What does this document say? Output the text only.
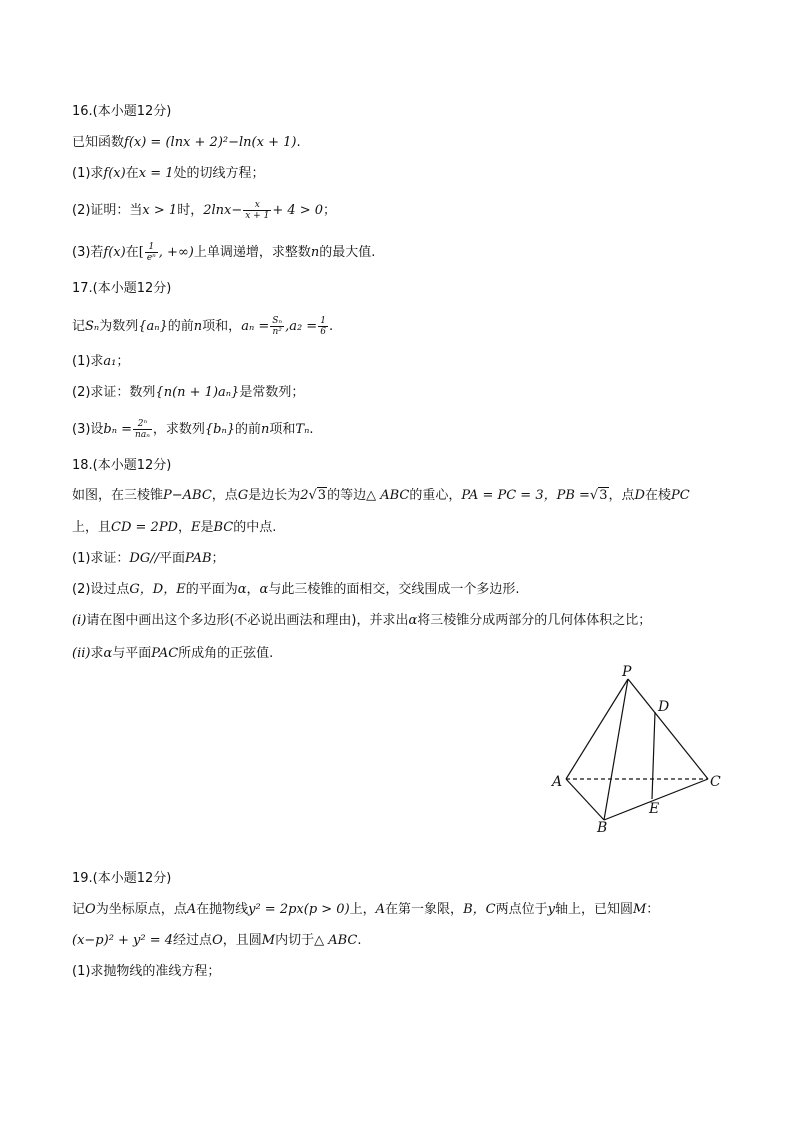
16.(本小题12分)
已知函数f(x) = (lnx + 2)²−ln(x + 1).
(1)求f(x)在x = 1处的切线方程；
(2)证明：当x > 1时，$2\ln x- \frac{x}{x + 1} + 4 > 0$；
(3)若f(x)在[ $\frac{1}{\text{eⁿ}}$ , +∞)上单调递增，求整数n的最大值.
17.(本小题12分)
记Sₙ为数列{aₙ}的前n项和，$a_n = \frac{\text{Sₙ}}{\text{n²}} ,a_2 = \frac{1}{6}$ .
(1)求a₁；
(2)求证：数列{n(n + 1)aₙ}是常数列；
(3)设$b_n = \frac{\text{2ⁿ}}{\text{naₙ}}$ ，求数列{bₙ}的前n项和Tₙ.
18.(本小题12分)
如图，在三棱锥P−ABC，点G是边长为2√3的等边△ ABC的重心，PA = PC = 3，PB =√3，点D在棱PC
上，且CD = 2PD，E是BC的中点.
(1)求证：DG//平面PAB；
(2)设过点G，D，E的平面为α，α与此三棱锥的面相交，交线围成一个多边形.
(i)请在图中画出这个多边形(不必说出画法和理由)，并求出α将三棱锥分成两部分的几何体体积之比；
(ii)求α与平面PAC所成角的正弦值.
P
D
A	C
E
B
19.(本小题12分)
记O为坐标原点，点A在抛物线y² = 2px(p > 0)上，A在第一象限，B，C两点位于y轴上，已知圆M：
(x−p)² + y² = 4经过点O，且圆M内切于△ ABC.
(1)求抛物线的准线方程；
